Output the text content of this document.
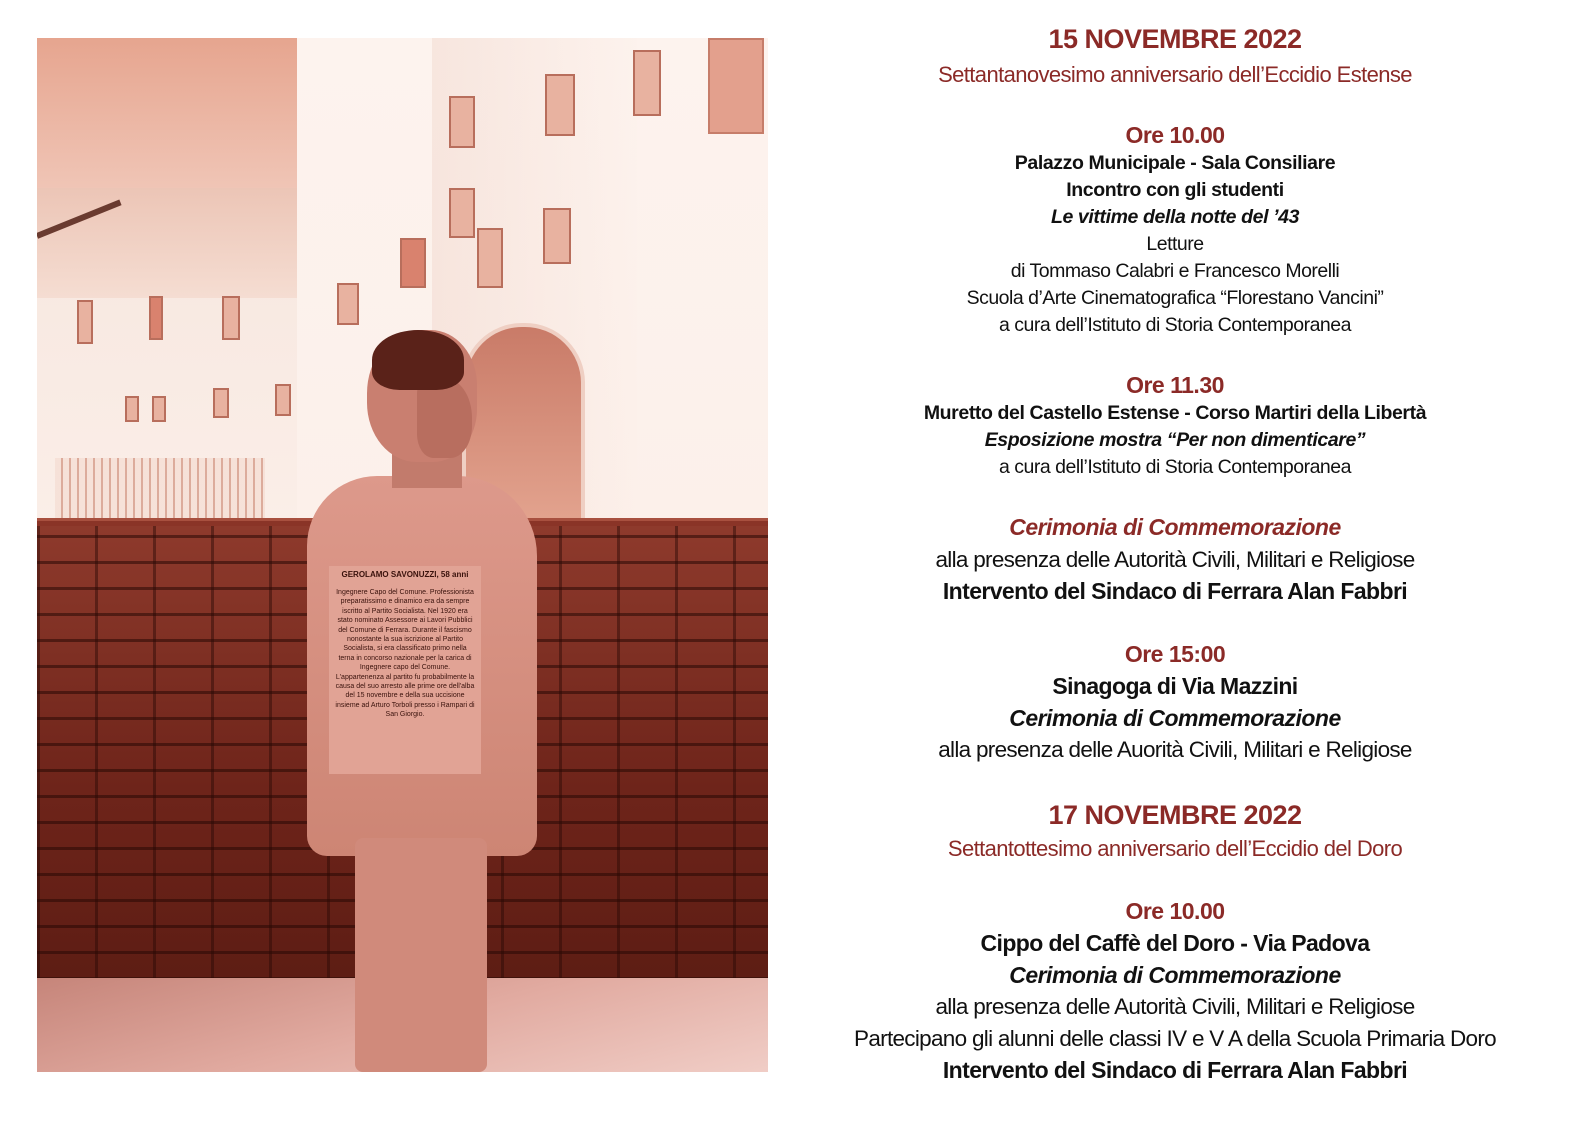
GEROLAMO SAVONUZZI, 58 anni
Ingegnere Capo del Comune. Professionista preparatissimo e dinamico era da sempre iscritto al Partito Socialista. Nel 1920 era stato nominato Assessore ai Lavori Pubblici del Comune di Ferrara. Durante il fascismo nonostante la sua iscrizione al Partito Socialista, si era classificato primo nella terna in concorso nazionale per la carica di Ingegnere capo del Comune. L'appartenenza al partito fu probabilmente la causa del suo arresto alle prime ore dell'alba del 15 novembre e della sua uccisione insieme ad Arturo Torboli presso i Rampari di San Giorgio.
15 NOVEMBRE 2022
Settantanovesimo anniversario dell’Eccidio Estense
Ore 10.00
Palazzo Municipale - Sala Consiliare
Incontro con gli studenti
Le vittime della notte del ’43
Letture
di Tommaso Calabri e Francesco Morelli
Scuola d’Arte Cinematografica “Florestano Vancini”
a cura dell’Istituto di Storia Contemporanea
Ore 11.30
Muretto del Castello Estense - Corso Martiri della Libertà
Esposizione mostra “Per non dimenticare”
a cura dell’Istituto di Storia Contemporanea
Cerimonia di Commemorazione
alla presenza delle Autorità Civili, Militari e Religiose
Intervento del Sindaco di Ferrara Alan Fabbri
Ore 15:00
Sinagoga di Via Mazzini
Cerimonia di Commemorazione
alla presenza delle Auorità Civili, Militari e Religiose
17 NOVEMBRE 2022
Settantottesimo anniversario dell’Eccidio del Doro
Ore 10.00
Cippo del Caffè del Doro - Via Padova
Cerimonia di Commemorazione
alla presenza delle Autorità Civili, Militari e Religiose
Partecipano gli alunni delle classi IV e V A della Scuola Primaria Doro
Intervento del Sindaco di Ferrara Alan Fabbri
